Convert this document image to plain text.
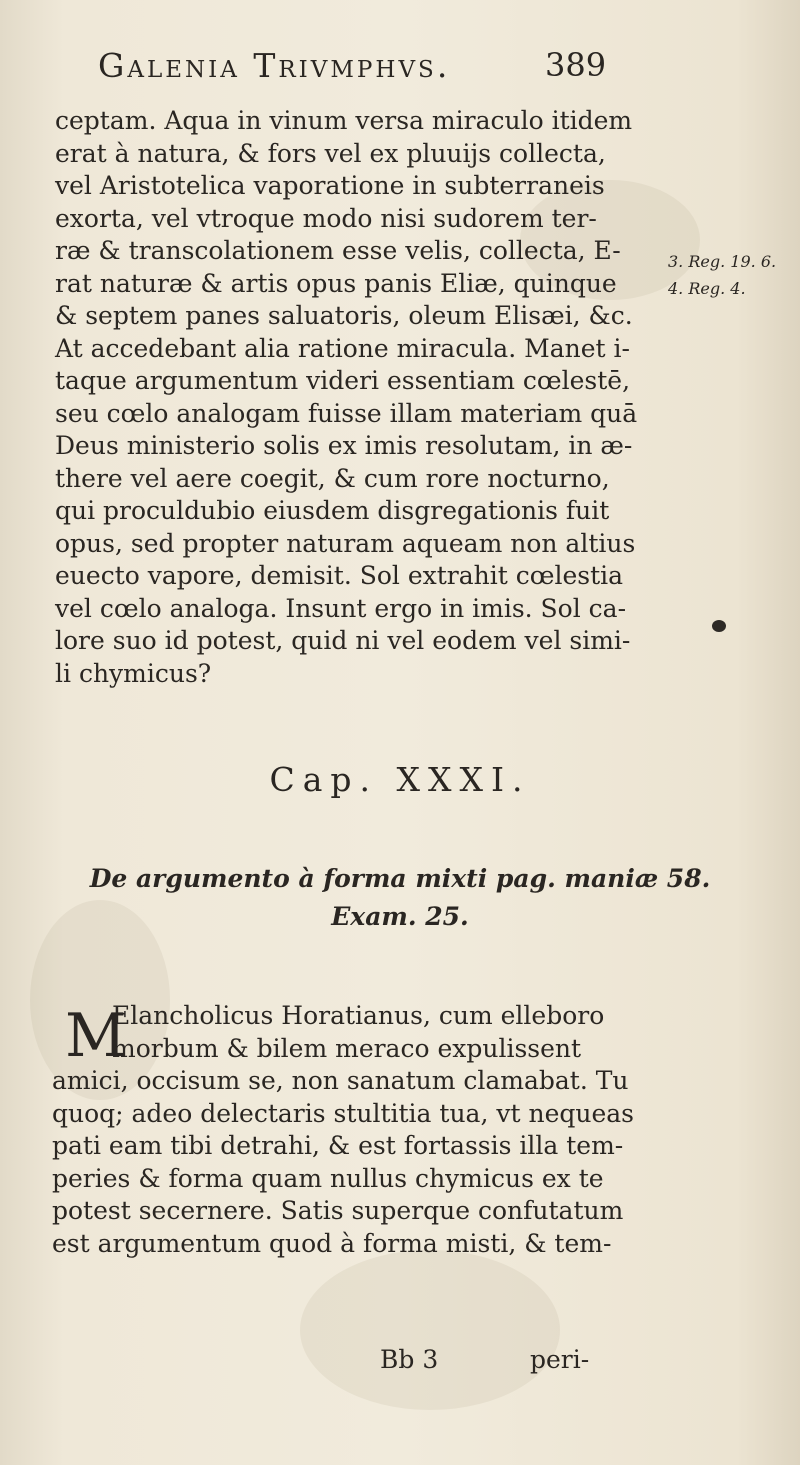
Galenia Trivmphvs.	389
ceptam. Aqua in vinum versa miraculo itidem
erat à natura, & fors vel ex pluuijs collecta,
vel Aristotelica vaporatione in subterraneis
exorta, vel vtroque modo nisi sudorem ter-
ræ & transcolationem esse velis, collecta, E-
rat naturæ & artis opus panis Eliæ, quinque
& septem panes saluatoris, oleum Elisæi, &c.
At accedebant alia ratione miracula. Manet i-
taque argumentum videri essentiam cœlestē,
seu cœlo analogam fuisse illam materiam quā
Deus ministerio solis ex imis resolutam, in æ-
there vel aere coegit, & cum rore nocturno,
qui proculdubio eiusdem disgregationis fuit
opus, sed propter naturam aqueam non altius
euecto vapore, demisit. Sol extrahit cœlestia
vel cœlo analoga. Insunt ergo in imis. Sol ca-
lore suo id potest, quid ni vel eodem vel simi-
li chymicus?
3. Reg. 19. 6.
4. Reg. 4.
Cap. XXXI.
De argumento à forma mixti pag. maniæ 58.
Exam. 25.
M
Elancholicus Horatianus, cum elleboro
morbum & bilem meraco expulissent
amici, occisum se, non sanatum clamabat. Tu
quoq; adeo delectaris stultitia tua, vt nequeas
pati eam tibi detrahi, & est fortassis illa tem-
peries & forma quam nullus chymicus ex te
potest secernere. Satis superque confutatum
est argumentum quod à forma misti, & tem-
Bb 3	peri-
